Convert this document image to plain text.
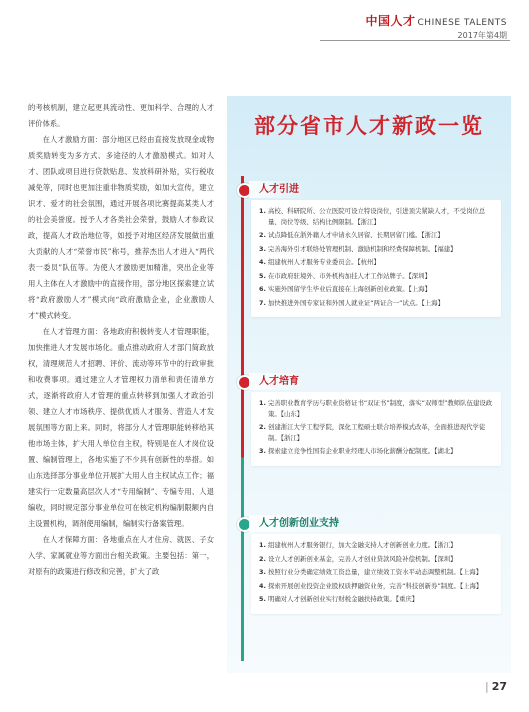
中国人才 CHINESE TALENTS
2017年第4期

的考核机制，建立起更具流动性、更加科学、合理的人才评价体系。

在人才激励方面：部分地区已经由直接发放现金或物质奖励转变为多方式、多途径的人才激励模式。如对人才、团队或项目进行贷款贴息、发放科研补贴，实行税收减免等，同时也更加注重非物质奖励，如加大宣传，建立识才、爱才的社会氛围，通过开展各项比赛提高某类人才的社会美誉度。授予人才各类社会荣誉，鼓励人才参政议政，提高人才政治地位等，如授予对地区经济发展做出重大贡献的人才“荣誉市民”称号，推荐杰出人才进入“两代表一委员”队伍等。为使人才激励更加精准，突出企业等用人主体在人才激励中的直接作用，部分地区探索建立试将“政府激励人才”模式向“政府激励企业，企业激励人才”模式转变。

在人才管理方面：各地政府积极转变人才管理职能，加快推进人才发展市场化。重点推动政府人才部门简政放权，清理规范人才招聘、评价、流动等环节中的行政审批和收费事项。通过建立人才管理权力清单和责任清单方式，逐渐将政府人才管理的重点转移到加强人才政治引领、建立人才市场秩序、提供优质人才服务、营造人才发展氛围等方面上来。同时，将部分人才管理职能转移给其他市场主体，扩大用人单位自主权，特别是在人才岗位设置、编制管理上，各地实施了不少具有创新性的举措。如山东选择部分事业单位开展扩大用人自主权试点工作；福建实行一定数量高层次人才“专用编制”、专编专用、人退编收，同时规定部分事业单位可在核定机构编制限额内自主设置机构，调剂使用编制，编制实行备案管理。

在人才保障方面：各地重点在人才住房、就医、子女入学、家属就业等方面出台相关政策。主要包括：第一，对原有的政策进行修改和完善，扩大了政

部分省市人才新政一览
人才引进
1. 高校、科研院所、公立医院可设立特设岗位，引进顶尖紧缺人才，不受岗位总量、岗位等级、结构比例限制。【浙江】
2. 试点降低在浙外籍人才申请永久居留、长期居留门槛。【浙江】
3. 完善海外引才联络处管理机制、激励机制和经费保障机制。【福建】
4. 组建杭州人才服务专业委员会。【杭州】
5. 在市政府驻境外、市外机构加挂人才工作站牌子。【深圳】
6. 实施外国留学生毕业后直接在上海创新创业政策。【上海】
7. 加快推进外国专家证和外国人就业证“两证合一”试点。【上海】
人才培育
1. 完善职业教育学历与职业资格证书“双证书”制度，落实“双师型”教师队伍建设政策。【山东】
2. 创建浙江大学工程学院，深化工程硕士联合培养模式改革，全面推进现代学徒制。【浙江】
3. 探索建立竞争性国有企业职业经理人市场化薪酬分配制度。【湖北】
人才创新创业支持
1. 组建杭州人才服务银行，加大金融支持人才创新创业力度。【浙江】
2. 设立人才创新创业基金，完善人才创业贷款风险补偿机制。【深圳】
3. 按照行业分类确定绩效工资总量，建立绩效工资水平动态调整机制。【上海】
4. 探索开展创业投资企业股权质押融资业务，完善“科技创新券”制度。【上海】
5. 明确对人才创新创业实行财税金融扶持政策。【重庆】
| 27
